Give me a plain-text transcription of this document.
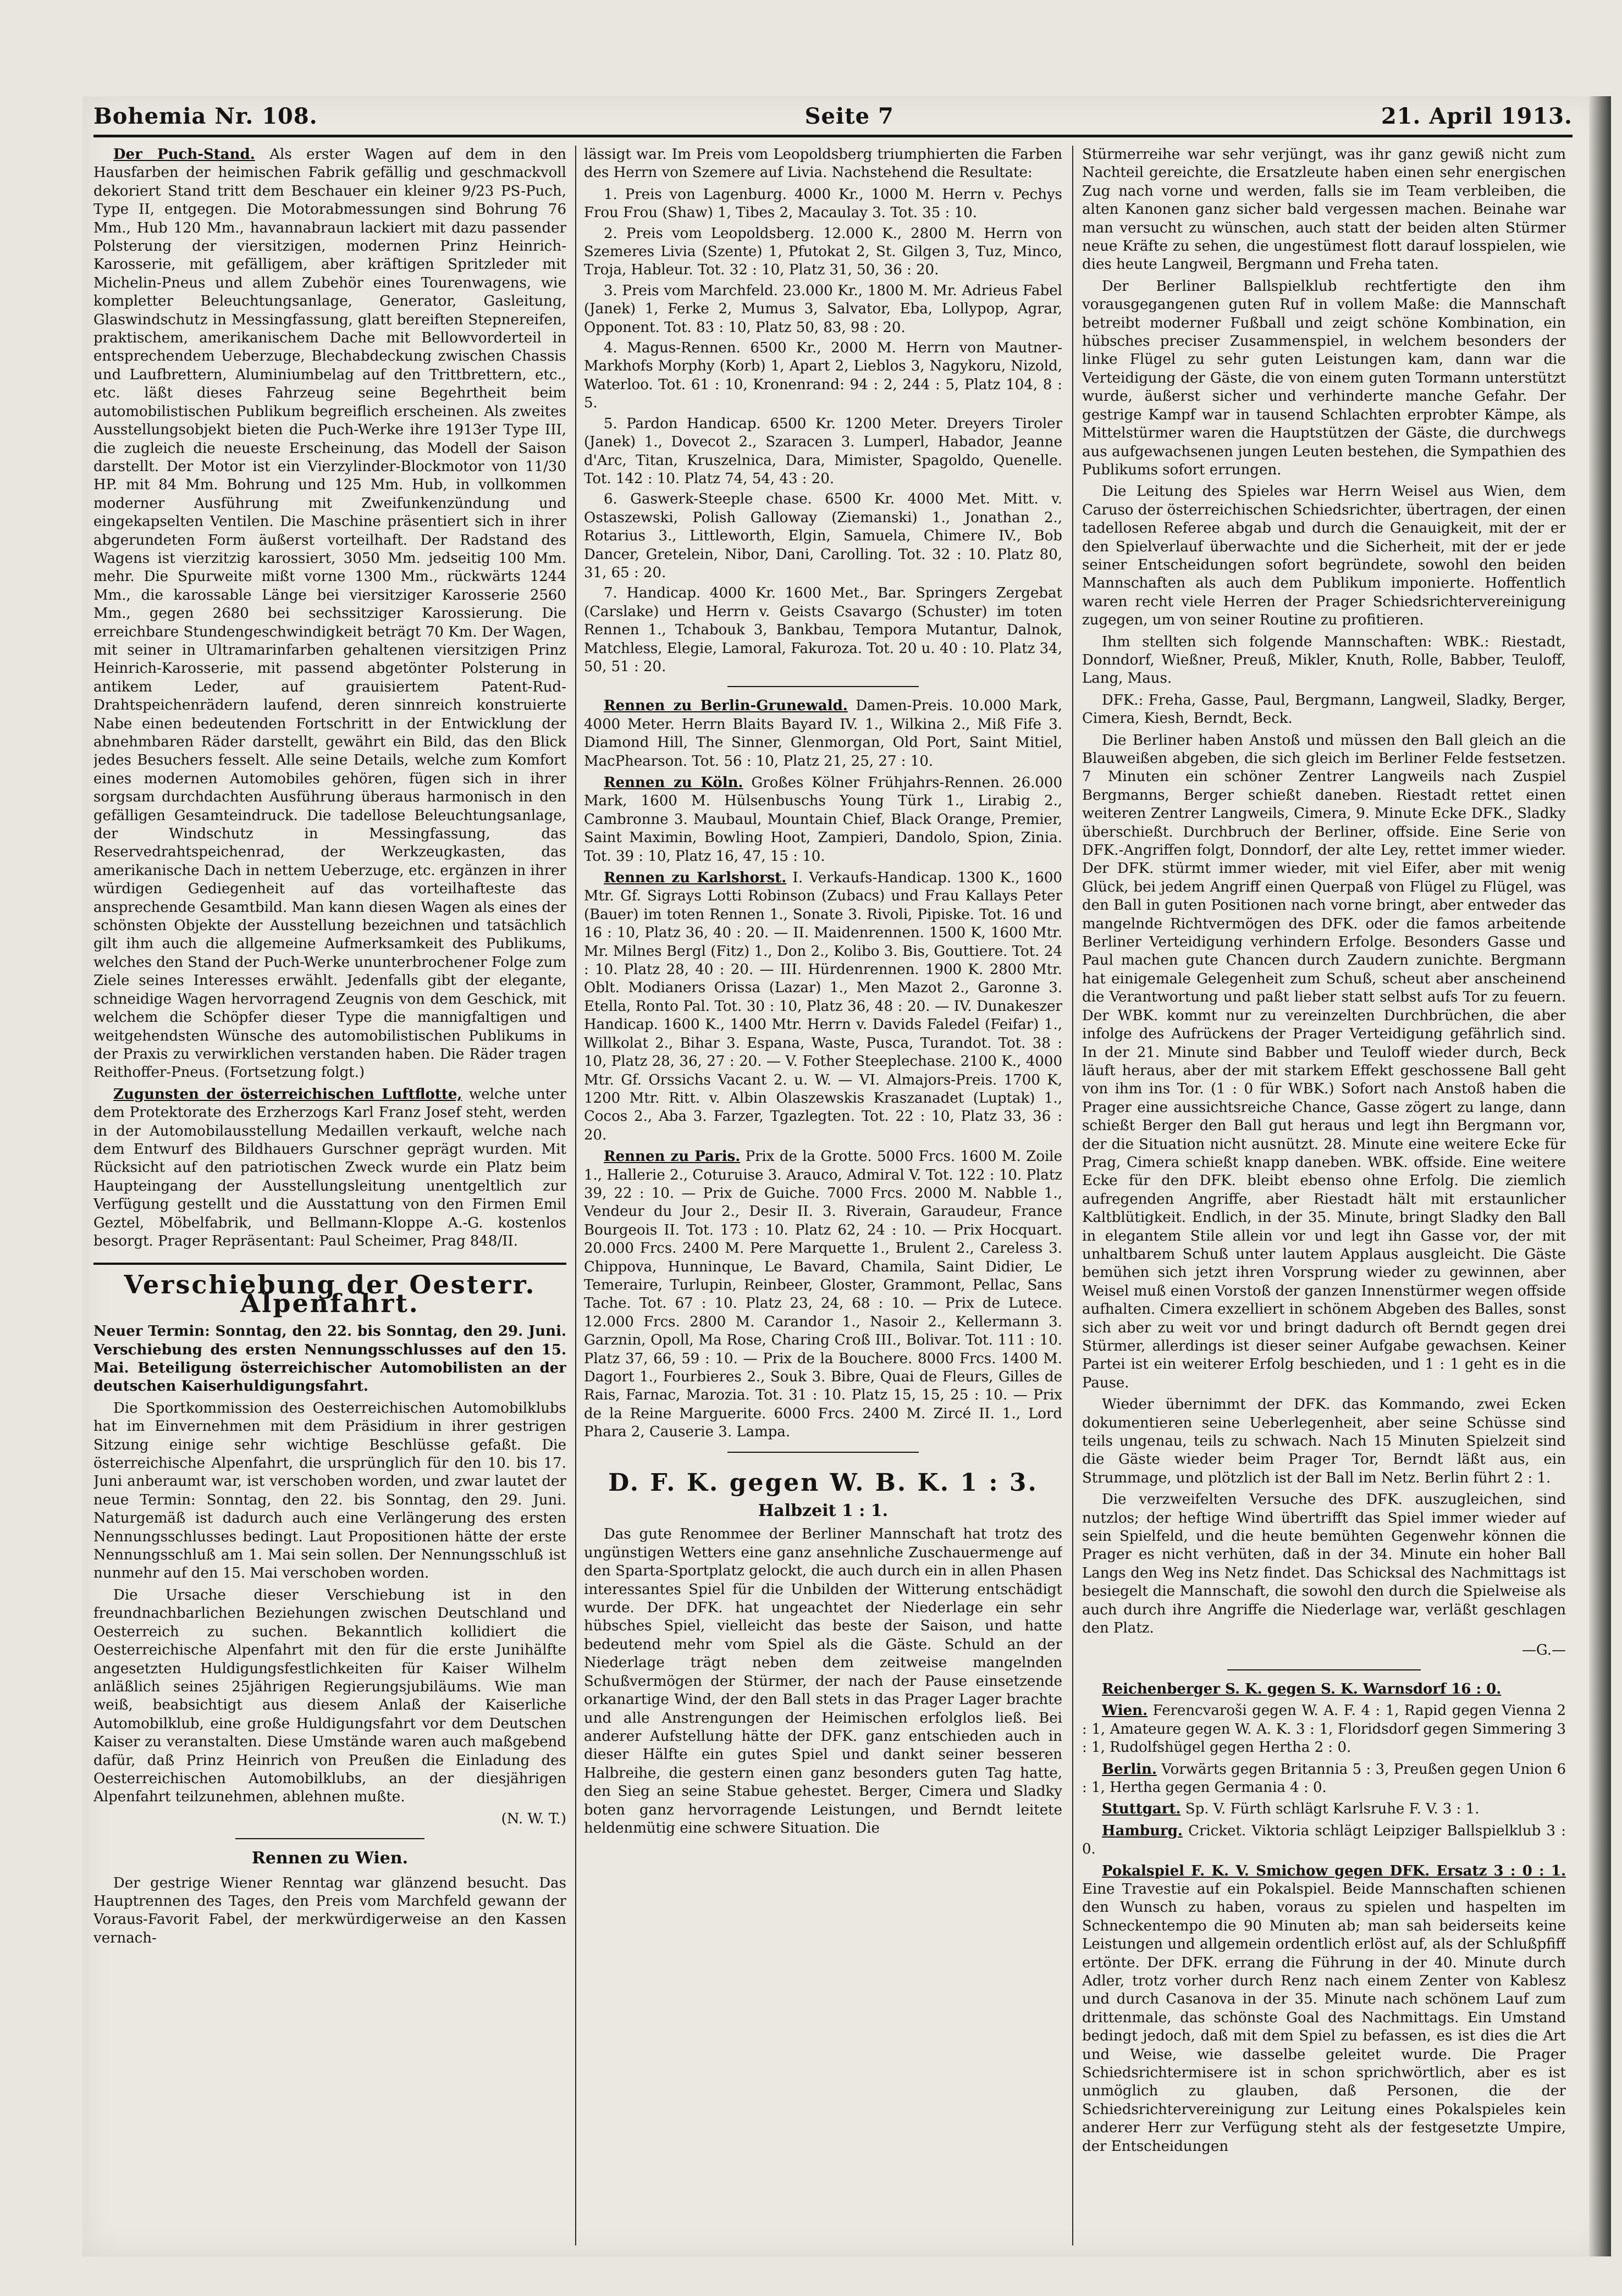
Bohemia Nr. 108.	Seite 7	21. April 1913.

Der Puch-Stand. Als erster Wagen auf dem in den Hausfarben der heimischen Fabrik gefällig und geschmackvoll dekoriert Stand tritt dem Beschauer ein kleiner 9/23 PS-Puch, Type II, entgegen. Die Motorabmessungen sind Bohrung 76 Mm., Hub 120 Mm., havannabraun lackiert mit dazu passender Polsterung der viersitzigen, modernen Prinz Heinrich-Karosserie, mit gefälligem, aber kräftigen Spritzleder mit Michelin-Pneus und allem Zubehör eines Tourenwagens, wie kompletter Beleuchtungsanlage, Generator, Gasleitung, Glaswindschutz in Messingfassung, glatt bereiften Stepnereifen, praktischem, amerikanischem Dache mit Bellowvorderteil in entsprechendem Ueberzuge, Blechabdeckung zwischen Chassis und Laufbrettern, Aluminiumbelag auf den Trittbrettern, etc., etc. läßt dieses Fahrzeug seine Begehrtheit beim automobilistischen Publikum begreiflich erscheinen. Als zweites Ausstellungsobjekt bieten die Puch-Werke ihre 1913er Type III, die zugleich die neueste Erscheinung, das Modell der Saison darstellt. Der Motor ist ein Vierzylinder-Blockmotor von 11/30 HP. mit 84 Mm. Bohrung und 125 Mm. Hub, in vollkommen moderner Ausführung mit Zweifunkenzündung und eingekapselten Ventilen. Die Maschine präsentiert sich in ihrer abgerundeten Form äußerst vorteilhaft. Der Radstand des Wagens ist vierzitzig karossiert, 3050 Mm. jedseitig 100 Mm. mehr. Die Spurweite mißt vorne 1300 Mm., rückwärts 1244 Mm., die karossable Länge bei viersitziger Karosserie 2560 Mm., gegen 2680 bei sechssitziger Karossierung. Die erreichbare Stundengeschwindigkeit beträgt 70 Km. Der Wagen, mit seiner in Ultramarinfarben gehaltenen viersitzigen Prinz Heinrich-Karosserie, mit passend abgetönter Polsterung in antikem Leder, auf grauisiertem Patent-Rud-Drahtspeichenrädern laufend, deren sinnreich konstruierte Nabe einen bedeutenden Fortschritt in der Entwicklung der abnehmbaren Räder darstellt, gewährt ein Bild, das den Blick jedes Besuchers fesselt. Alle seine Details, welche zum Komfort eines modernen Automobiles gehören, fügen sich in ihrer sorgsam durchdachten Ausführung überaus harmonisch in den gefälligen Gesamteindruck. Die tadellose Beleuchtungsanlage, der Windschutz in Messingfassung, das Reservedrahtspeichenrad, der Werkzeugkasten, das amerikanische Dach in nettem Ueberzuge, etc. ergänzen in ihrer würdigen Gediegenheit auf das vorteilhafteste das ansprechende Gesamtbild. Man kann diesen Wagen als eines der schönsten Objekte der Ausstellung bezeichnen und tatsächlich gilt ihm auch die allgemeine Aufmerksamkeit des Publikums, welches den Stand der Puch-Werke ununterbrochener Folge zum Ziele seines Interesses erwählt. Jedenfalls gibt der elegante, schneidige Wagen hervorragend Zeugnis von dem Geschick, mit welchem die Schöpfer dieser Type die mannigfaltigen und weitgehendsten Wünsche des automobilistischen Publikums in der Praxis zu verwirklichen verstanden haben. Die Räder tragen Reithoffer-Pneus. (Fortsetzung folgt.)

Zugunsten der österreichischen Luftflotte, welche unter dem Protektorate des Erzherzogs Karl Franz Josef steht, werden in der Automobilausstellung Medaillen verkauft, welche nach dem Entwurf des Bildhauers Gurschner geprägt wurden. Mit Rücksicht auf den patriotischen Zweck wurde ein Platz beim Haupteingang der Ausstellungsleitung unentgeltlich zur Verfügung gestellt und die Ausstattung von den Firmen Emil Geztel, Möbelfabrik, und Bellmann-Kloppe A.-G. kostenlos besorgt. Prager Repräsentant: Paul Scheimer, Prag 848/II.

Verschiebung der Oesterr. Alpenfahrt.

Neuer Termin: Sonntag, den 22. bis Sonntag, den 29. Juni. Verschiebung des ersten Nennungsschlusses auf den 15. Mai. Beteiligung österreichischer Automobilisten an der deutschen Kaiserhuldigungsfahrt.

Die Sportkommission des Oesterreichischen Automobilklubs hat im Einvernehmen mit dem Präsidium in ihrer gestrigen Sitzung einige sehr wichtige Beschlüsse gefaßt. Die österreichische Alpenfahrt, die ursprünglich für den 10. bis 17. Juni anberaumt war, ist verschoben worden, und zwar lautet der neue Termin: Sonntag, den 22. bis Sonntag, den 29. Juni. Naturgemäß ist dadurch auch eine Verlängerung des ersten Nennungsschlusses bedingt. Laut Propositionen hätte der erste Nennungsschluß am 1. Mai sein sollen. Der Nennungsschluß ist nunmehr auf den 15. Mai verschoben worden.

Die Ursache dieser Verschiebung ist in den freundnachbarlichen Beziehungen zwischen Deutschland und Oesterreich zu suchen. Bekanntlich kollidiert die Oesterreichische Alpenfahrt mit den für die erste Junihälfte angesetzten Huldigungsfestlichkeiten für Kaiser Wilhelm anläßlich seines 25jährigen Regierungsjubiläums. Wie man weiß, beabsichtigt aus diesem Anlaß der Kaiserliche Automobilklub, eine große Huldigungsfahrt vor dem Deutschen Kaiser zu veranstalten. Diese Umstände waren auch maßgebend dafür, daß Prinz Heinrich von Preußen die Einladung des Oesterreichischen Automobilklubs, an der diesjährigen Alpenfahrt teilzunehmen, ablehnen mußte.

(N. W. T.)
Rennen zu Wien.

Der gestrige Wiener Renntag war glänzend besucht. Das Hauptrennen des Tages, den Preis vom Marchfeld gewann der Voraus-Favorit Fabel, der merkwürdigerweise an den Kassen vernach-

lässigt war. Im Preis vom Leopoldsberg triumphierten die Farben des Herrn von Szemere auf Livia. Nachstehend die Resultate:

1. Preis von Lagenburg. 4000 Kr., 1000 M. Herrn v. Pechys Frou Frou (Shaw) 1, Tibes 2, Macaulay 3. Tot. 35 : 10.

2. Preis vom Leopoldsberg. 12.000 K., 2800 M. Herrn von Szemeres Livia (Szente) 1, Pfutokat 2, St. Gilgen 3, Tuz, Minco, Troja, Hableur. Tot. 32 : 10, Platz 31, 50, 36 : 20.

3. Preis vom Marchfeld. 23.000 Kr., 1800 M. Mr. Adrieus Fabel (Janek) 1, Ferke 2, Mumus 3, Salvator, Eba, Lollypop, Agrar, Opponent. Tot. 83 : 10, Platz 50, 83, 98 : 20.

4. Magus-Rennen. 6500 Kr., 2000 M. Herrn von Mautner-Markhofs Morphy (Korb) 1, Apart 2, Lieblos 3, Nagykoru, Nizold, Waterloo. Tot. 61 : 10, Kronenrand: 94 : 2, 244 : 5, Platz 104, 8 : 5.

5. Pardon Handicap. 6500 Kr. 1200 Meter. Dreyers Tiroler (Janek) 1., Dovecot 2., Szaracen 3. Lumperl, Habador, Jeanne d'Arc, Titan, Kruszelnica, Dara, Mimister, Spagoldo, Quenelle. Tot. 142 : 10. Platz 74, 54, 43 : 20.

6. Gaswerk-Steeple chase. 6500 Kr. 4000 Met. Mitt. v. Ostaszewski, Polish Galloway (Ziemanski) 1., Jonathan 2., Rotarius 3., Littleworth, Elgin, Samuela, Chimere IV., Bob Dancer, Gretelein, Nibor, Dani, Carolling. Tot. 32 : 10. Platz 80, 31, 65 : 20.

7. Handicap. 4000 Kr. 1600 Met., Bar. Springers Zergebat (Carslake) und Herrn v. Geists Csavargo (Schuster) im toten Rennen 1., Tchabouk 3, Bankbau, Tempora Mutantur, Dalnok, Matchless, Elegie, Lamoral, Fakuroza. Tot. 20 u. 40 : 10. Platz 34, 50, 51 : 20.

Rennen zu Berlin-Grunewald. Damen-Preis. 10.000 Mark, 4000 Meter. Herrn Blaits Bayard IV. 1., Wilkina 2., Miß Fife 3. Diamond Hill, The Sinner, Glenmorgan, Old Port, Saint Mitiel, MacPhearson. Tot. 56 : 10, Platz 21, 25, 27 : 10.

Rennen zu Köln. Großes Kölner Frühjahrs-Rennen. 26.000 Mark, 1600 M. Hülsenbuschs Young Türk 1., Lirabig 2., Cambronne 3. Maubaul, Mountain Chief, Black Orange, Premier, Saint Maximin, Bowling Hoot, Zampieri, Dandolo, Spion, Zinia. Tot. 39 : 10, Platz 16, 47, 15 : 10.

Rennen zu Karlshorst. I. Verkaufs-Handicap. 1300 K., 1600 Mtr. Gf. Sigrays Lotti Robinson (Zubacs) und Frau Kallays Peter (Bauer) im toten Rennen 1., Sonate 3. Rivoli, Pipiske. Tot. 16 und 16 : 10, Platz 36, 40 : 20. — II. Maidenrennen. 1500 K, 1600 Mtr. Mr. Milnes Bergl (Fitz) 1., Don 2., Kolibo 3. Bis, Gouttiere. Tot. 24 : 10. Platz 28, 40 : 20. — III. Hürdenrennen. 1900 K. 2800 Mtr. Oblt. Modianers Orissa (Lazar) 1., Men Mazot 2., Garonne 3. Etella, Ronto Pal. Tot. 30 : 10, Platz 36, 48 : 20. — IV. Dunakeszer Handicap. 1600 K., 1400 Mtr. Herrn v. Davids Faledel (Feifar) 1., Willkolat 2., Bihar 3. Espana, Waste, Pusca, Turandot. Tot. 38 : 10, Platz 28, 36, 27 : 20. — V. Fother Steeplechase. 2100 K., 4000 Mtr. Gf. Orssichs Vacant 2. u. W. — VI. Almajors-Preis. 1700 K, 1200 Mtr. Ritt. v. Albin Olaszewskis Kraszanadet (Luptak) 1., Cocos 2., Aba 3. Farzer, Tgazlegten. Tot. 22 : 10, Platz 33, 36 : 20.

Rennen zu Paris. Prix de la Grotte. 5000 Frcs. 1600 M. Zoile 1., Hallerie 2., Coturuise 3. Arauco, Admiral V. Tot. 122 : 10. Platz 39, 22 : 10. — Prix de Guiche. 7000 Frcs. 2000 M. Nabble 1., Vendeur du Jour 2., Desir II. 3. Riverain, Garaudeur, France Bourgeois II. Tot. 173 : 10. Platz 62, 24 : 10. — Prix Hocquart. 20.000 Frcs. 2400 M. Pere Marquette 1., Brulent 2., Careless 3. Chippova, Hunninque, Le Bavard, Chamila, Saint Didier, Le Temeraire, Turlupin, Reinbeer, Gloster, Grammont, Pellac, Sans Tache. Tot. 67 : 10. Platz 23, 24, 68 : 10. — Prix de Lutece. 12.000 Frcs. 2800 M. Carandor 1., Nasoir 2., Kellermann 3. Garznin, Opoll, Ma Rose, Charing Croß III., Bolivar. Tot. 111 : 10. Platz 37, 66, 59 : 10. — Prix de la Bouchere. 8000 Frcs. 1400 M. Dagort 1., Fourbieres 2., Souk 3. Bibre, Quai de Fleurs, Gilles de Rais, Farnac, Marozia. Tot. 31 : 10. Platz 15, 15, 25 : 10. — Prix de la Reine Marguerite. 6000 Frcs. 2400 M. Zircé II. 1., Lord Phara 2, Causerie 3. Lampa.

D. F. K. gegen W. B. K. 1 : 3.
Halbzeit 1 : 1.

Das gute Renommee der Berliner Mannschaft hat trotz des ungünstigen Wetters eine ganz ansehnliche Zuschauermenge auf den Sparta-Sportplatz gelockt, die auch durch ein in allen Phasen interessantes Spiel für die Unbilden der Witterung entschädigt wurde. Der DFK. hat ungeachtet der Niederlage ein sehr hübsches Spiel, vielleicht das beste der Saison, und hatte bedeutend mehr vom Spiel als die Gäste. Schuld an der Niederlage trägt neben dem zeitweise mangelnden Schußvermögen der Stürmer, der nach der Pause einsetzende orkanartige Wind, der den Ball stets in das Prager Lager brachte und alle Anstrengungen der Heimischen erfolglos ließ. Bei anderer Aufstellung hätte der DFK. ganz entschieden auch in dieser Hälfte ein gutes Spiel und dankt seiner besseren Halbreihe, die gestern einen ganz besonders guten Tag hatte, den Sieg an seine Stabue gehestet. Berger, Cimera und Sladky boten ganz hervorragende Leistungen, und Berndt leitete heldenmütig eine schwere Situation. Die

Stürmerreihe war sehr verjüngt, was ihr ganz gewiß nicht zum Nachteil gereichte, die Ersatzleute haben einen sehr energischen Zug nach vorne und werden, falls sie im Team verbleiben, die alten Kanonen ganz sicher bald vergessen machen. Beinahe war man versucht zu wünschen, auch statt der beiden alten Stürmer neue Kräfte zu sehen, die ungestümest flott darauf losspielen, wie dies heute Langweil, Bergmann und Freha taten.

Der Berliner Ballspielklub rechtfertigte den ihm vorausgegangenen guten Ruf in vollem Maße: die Mannschaft betreibt moderner Fußball und zeigt schöne Kombination, ein hübsches preciser Zusammenspiel, in welchem besonders der linke Flügel zu sehr guten Leistungen kam, dann war die Verteidigung der Gäste, die von einem guten Tormann unterstützt wurde, äußerst sicher und verhinderte manche Gefahr. Der gestrige Kampf war in tausend Schlachten erprobter Kämpe, als Mittelstürmer waren die Hauptstützen der Gäste, die durchwegs aus aufgewachsenen jungen Leuten bestehen, die Sympathien des Publikums sofort errungen.

Die Leitung des Spieles war Herrn Weisel aus Wien, dem Caruso der österreichischen Schiedsrichter, übertragen, der einen tadellosen Referee abgab und durch die Genauigkeit, mit der er den Spielverlauf überwachte und die Sicherheit, mit der er jede seiner Entscheidungen sofort begründete, sowohl den beiden Mannschaften als auch dem Publikum imponierte. Hoffentlich waren recht viele Herren der Prager Schiedsrichtervereinigung zugegen, um von seiner Routine zu profitieren.

Ihm stellten sich folgende Mannschaften: WBK.: Riestadt, Donndorf, Wießner, Preuß, Mikler, Knuth, Rolle, Babber, Teuloff, Lang, Maus.

DFK.: Freha, Gasse, Paul, Bergmann, Langweil, Sladky, Berger, Cimera, Kiesh, Berndt, Beck.

Die Berliner haben Anstoß und müssen den Ball gleich an die Blauweißen abgeben, die sich gleich im Berliner Felde festsetzen. 7 Minuten ein schöner Zentrer Langweils nach Zuspiel Bergmanns, Berger schießt daneben. Riestadt rettet einen weiteren Zentrer Langweils, Cimera, 9. Minute Ecke DFK., Sladky überschießt. Durchbruch der Berliner, offside. Eine Serie von DFK.-Angriffen folgt, Donndorf, der alte Ley, rettet immer wieder. Der DFK. stürmt immer wieder, mit viel Eifer, aber mit wenig Glück, bei jedem Angriff einen Querpaß von Flügel zu Flügel, was den Ball in guten Positionen nach vorne bringt, aber entweder das mangelnde Richtvermögen des DFK. oder die famos arbeitende Berliner Verteidigung verhindern Erfolge. Besonders Gasse und Paul machen gute Chancen durch Zaudern zunichte. Bergmann hat einigemale Gelegenheit zum Schuß, scheut aber anscheinend die Verantwortung und paßt lieber statt selbst aufs Tor zu feuern. Der WBK. kommt nur zu vereinzelten Durchbrüchen, die aber infolge des Aufrückens der Prager Verteidigung gefährlich sind. In der 21. Minute sind Babber und Teuloff wieder durch, Beck läuft heraus, aber der mit starkem Effekt geschossene Ball geht von ihm ins Tor. (1 : 0 für WBK.) Sofort nach Anstoß haben die Prager eine aussichtsreiche Chance, Gasse zögert zu lange, dann schießt Berger den Ball gut heraus und legt ihn Bergmann vor, der die Situation nicht ausnützt. 28. Minute eine weitere Ecke für Prag, Cimera schießt knapp daneben. WBK. offside. Eine weitere Ecke für den DFK. bleibt ebenso ohne Erfolg. Die ziemlich aufregenden Angriffe, aber Riestadt hält mit erstaunlicher Kaltblütigkeit. Endlich, in der 35. Minute, bringt Sladky den Ball in elegantem Stile allein vor und legt ihn Gasse vor, der mit unhaltbarem Schuß unter lautem Applaus ausgleicht. Die Gäste bemühen sich jetzt ihren Vorsprung wieder zu gewinnen, aber Weisel muß einen Vorstoß der ganzen Innenstürmer wegen offside aufhalten. Cimera exzelliert in schönem Abgeben des Balles, sonst sich aber zu weit vor und bringt dadurch oft Berndt gegen drei Stürmer, allerdings ist dieser seiner Aufgabe gewachsen. Keiner Partei ist ein weiterer Erfolg beschieden, und 1 : 1 geht es in die Pause.

Wieder übernimmt der DFK. das Kommando, zwei Ecken dokumentieren seine Ueberlegenheit, aber seine Schüsse sind teils ungenau, teils zu schwach. Nach 15 Minuten Spielzeit sind die Gäste wieder beim Prager Tor, Berndt läßt aus, ein Strummage, und plötzlich ist der Ball im Netz. Berlin führt 2 : 1.

Die verzweifelten Versuche des DFK. auszugleichen, sind nutzlos; der heftige Wind übertrifft das Spiel immer wieder auf sein Spielfeld, und die heute bemühten Gegenwehr können die Prager es nicht verhüten, daß in der 34. Minute ein hoher Ball Langs den Weg ins Netz findet. Das Schicksal des Nachmittags ist besiegelt die Mannschaft, die sowohl den durch die Spielweise als auch durch ihre Angriffe die Niederlage war, verläßt geschlagen den Platz.

—G.—

Reichenberger S. K. gegen S. K. Warnsdorf 16 : 0.

Wien. Ferencvaroši gegen W. A. F. 4 : 1, Rapid gegen Vienna 2 : 1, Amateure gegen W. A. K. 3 : 1, Floridsdorf gegen Simmering 3 : 1, Rudolfshügel gegen Hertha 2 : 0.

Berlin. Vorwärts gegen Britannia 5 : 3, Preußen gegen Union 6 : 1, Hertha gegen Germania 4 : 0.

Stuttgart. Sp. V. Fürth schlägt Karlsruhe F. V. 3 : 1.

Hamburg. Cricket. Viktoria schlägt Leipziger Ballspielklub 3 : 0.

Pokalspiel F. K. V. Smichow gegen DFK. Ersatz 3 : 0 : 1. Eine Travestie auf ein Pokalspiel. Beide Mannschaften schienen den Wunsch zu haben, voraus zu spielen und haspelten im Schneckentempo die 90 Minuten ab; man sah beiderseits keine Leistungen und allgemein ordentlich erlöst auf, als der Schlußpfiff ertönte. Der DFK. errang die Führung in der 40. Minute durch Adler, trotz vorher durch Renz nach einem Zenter von Kablesz und durch Casanova in der 35. Minute nach schönem Lauf zum drittenmale, das schönste Goal des Nachmittags. Ein Umstand bedingt jedoch, daß mit dem Spiel zu befassen, es ist dies die Art und Weise, wie dasselbe geleitet wurde. Die Prager Schiedsrichtermisere ist in schon sprichwörtlich, aber es ist unmöglich zu glauben, daß Personen, die der Schiedsrichtervereinigung zur Leitung eines Pokalspieles kein anderer Herr zur Verfügung steht als der festgesetzte Umpire, der Entscheidungen
